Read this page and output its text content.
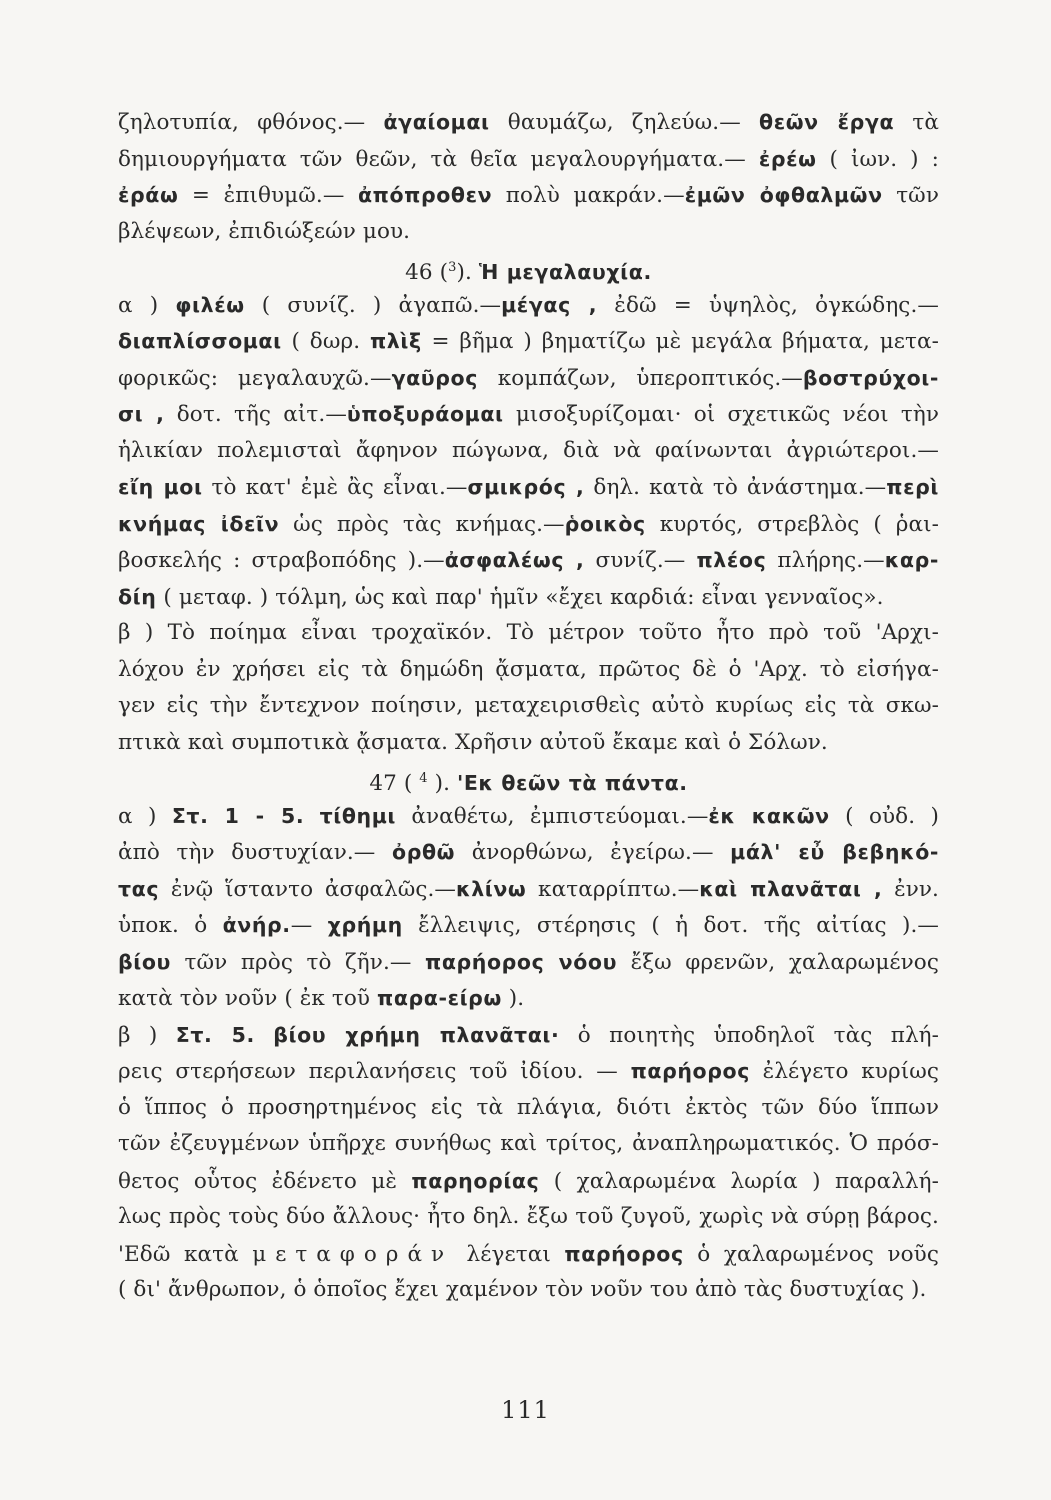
ζηλοτυπία, φθόνος.— ἀγαίομαι θαυμάζω, ζηλεύω.— θεῶν ἔργα τὰ
δημιουργήματα τῶν θεῶν, τὰ θεῖα μεγαλουργήματα.— ἐρέω ( ἰων. ) :
ἐράω = ἐπιθυμῶ.— ἀπόπροθεν πολὺ μακράν.—ἐμῶν ὀφθαλμῶν τῶν
βλέψεων, ἐπιδιώξεών μου.
46 ($^3$). Ἡ μεγαλαυχία.
α ) φιλέω ( συνίζ. ) ἀγαπῶ.—μέγας , ἐδῶ = ὑψηλὸς, ὀγκώδης.—
διαπλίσσομαι ( δωρ. πλὶξ = βῆμα ) βηματίζω μὲ μεγάλα βήματα, μετα-
φορικῶς: μεγαλαυχῶ.—γαῦρος κομπάζων, ὑπεροπτικός.—βοστρύχοι-
σι , δοτ. τῆς αἰτ.—ὑποξυράομαι μισοξυρίζομαι· οἱ σχετικῶς νέοι τὴν
ἡλικίαν πολεμισταὶ ἄφηνον πώγωνα, διὰ νὰ φαίνωνται ἀγριώτεροι.—
εἴη μοι τὸ κατ' ἐμὲ ἂς εἶναι.—σμικρός , δηλ. κατὰ τὸ ἀνάστημα.—περὶ
κνήμας ἰδεῖν ὡς πρὸς τὰς κνήμας.—ῥοικὸς κυρτός, στρεβλὸς ( ῥαι-
βοσκελής : στραβοπόδης ).—ἀσφαλέως , συνίζ.— πλέος πλήρης.—καρ-
δίη ( μεταφ. ) τόλμη, ὡς καὶ παρ' ἡμῖν «ἔχει καρδιά: εἶναι γενναῖος».
β ) Τὸ ποίημα εἶναι τροχαϊκόν. Τὸ μέτρον τοῦτο ἦτο πρὸ τοῦ 'Αρχι-
λόχου ἐν χρήσει εἰς τὰ δημώδη ᾄσματα, πρῶτος δὲ ὁ 'Αρχ. τὸ εἰσήγα-
γεν εἰς τὴν ἔντεχνον ποίησιν, μεταχειρισθεὶς αὐτὸ κυρίως εἰς τὰ σκω-
πτικὰ καὶ συμποτικὰ ᾄσματα. Χρῆσιν αὐτοῦ ἔκαμε καὶ ὁ Σόλων.
47 ( $^4$ ). 'Εκ θεῶν τὰ πάντα.
α ) Στ. 1 - 5. τίθημι ἀναθέτω, ἐμπιστεύομαι.—ἐκ κακῶν ( οὐδ. )
ἀπὸ τὴν δυστυχίαν.— ὀρθῶ ἀνορθώνω, ἐγείρω.— μάλ' εὖ βεβηκό-
τας ἐνῷ ἵσταντο ἀσφαλῶς.—κλίνω καταρρίπτω.—καὶ πλανᾶται , ἐνν.
ὑποκ. ὁ ἀνήρ.— χρήμη ἔλλειψις, στέρησις ( ἡ δοτ. τῆς αἰτίας ).—
βίου τῶν πρὸς τὸ ζῆν.— παρήορος νόου ἔξω φρενῶν, χαλαρωμένος
κατὰ τὸν νοῦν ( ἐκ τοῦ παρα-είρω ).
β ) Στ. 5. βίου χρήμη πλανᾶται· ὁ ποιητὴς ὑποδηλοῖ τὰς πλή-
ρεις στερήσεων περιλανήσεις τοῦ ἰδίου. — παρήορος ἐλέγετο κυρίως
ὁ ἵππος ὁ προσηρτημένος εἰς τὰ πλάγια, διότι ἐκτὸς τῶν δύο ἵππων
τῶν ἐζευγμένων ὑπῆρχε συνήθως καὶ τρίτος, ἀναπληρωματικός. Ὁ πρόσ-
θετος οὗτος ἐδένετο μὲ παρηορίας ( χαλαρωμένα λωρία ) παραλλή-
λως πρὸς τοὺς δύο ἄλλους· ἦτο δηλ. ἔξω τοῦ ζυγοῦ, χωρὶς νὰ σύρῃ βάρος.
'Εδῶ κατὰ μεταφοράν λέγεται παρήορος ὁ χαλαρωμένος νοῦς
( δι' ἄνθρωπον, ὁ ὁποῖος ἔχει χαμένον τὸν νοῦν του ἀπὸ τὰς δυστυχίας ).
111
